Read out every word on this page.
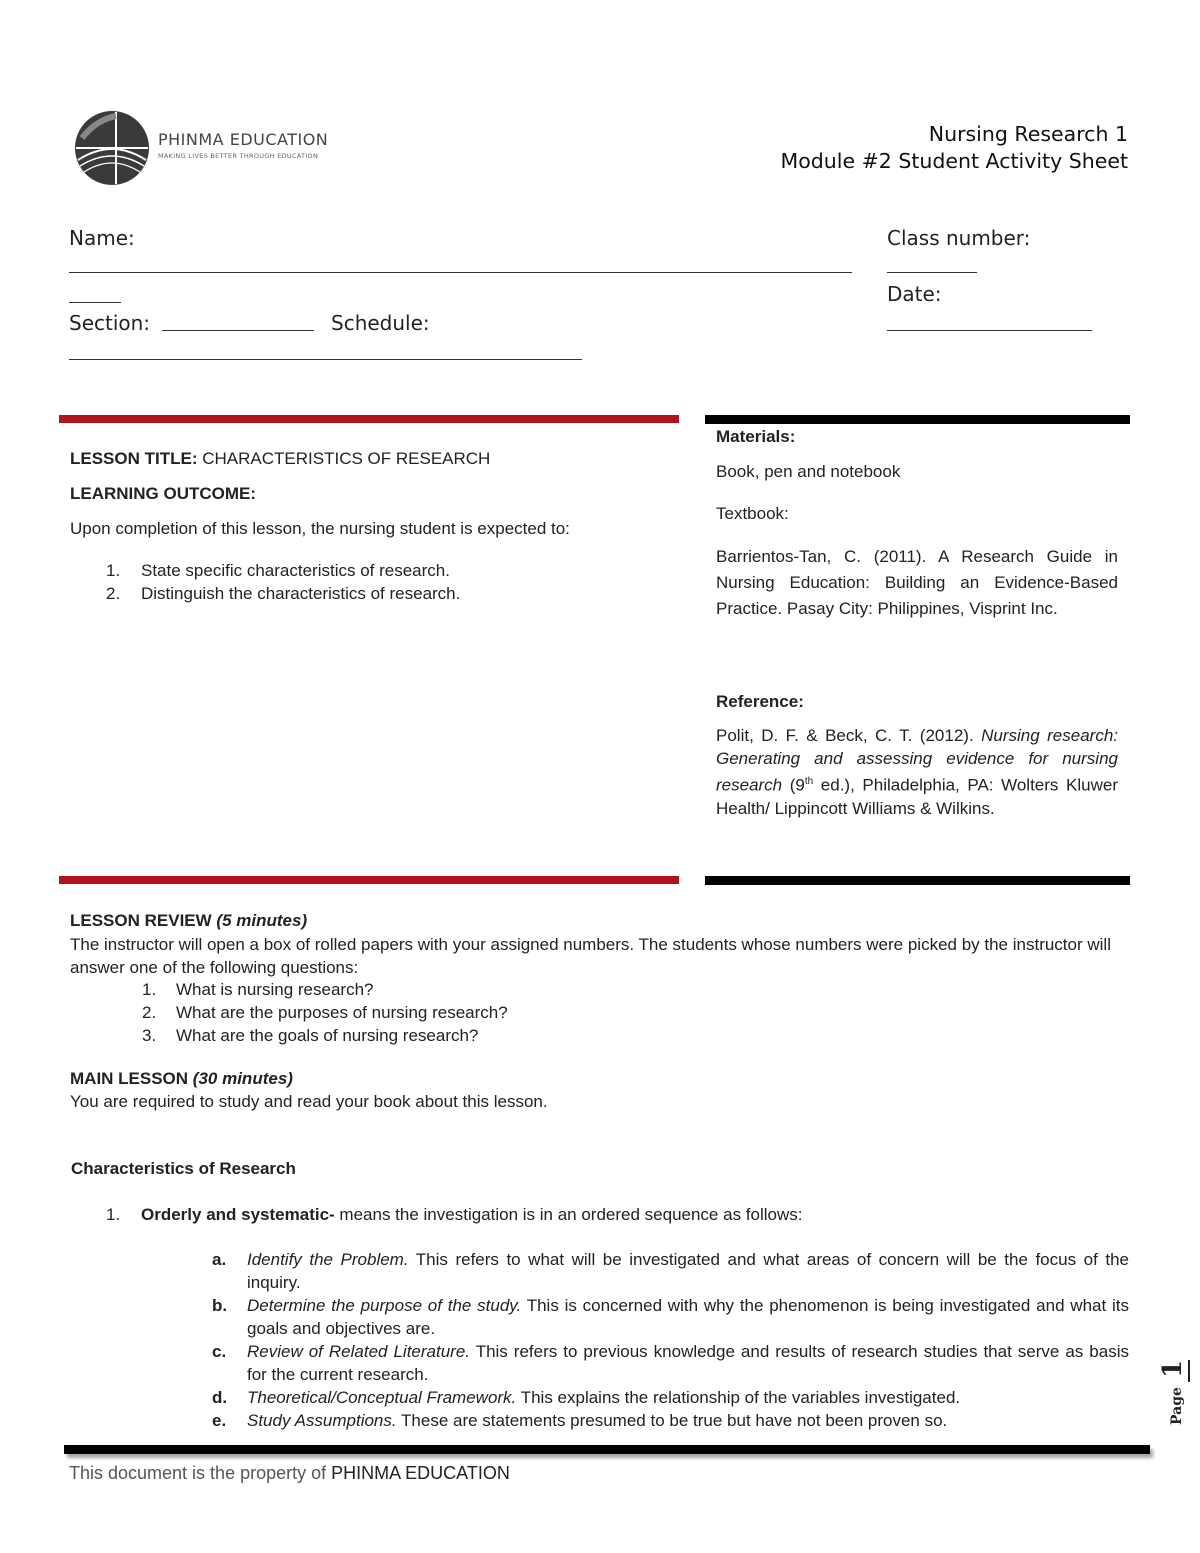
PHINMA EDUCATION
MAKING LIVES BETTER THROUGH EDUCATION
Nursing Research 1
Module #2 Student Activity Sheet
Name:	Class number:
Date:
Section:	Schedule:
LESSON TITLE: CHARACTERISTICS OF RESEARCH
LEARNING OUTCOME:
Upon completion of this lesson, the nursing student is expected to:
1. State specific characteristics of research.
2. Distinguish the characteristics of research.
Materials:
Book, pen and notebook
Textbook:
Barrientos-Tan, C. (2011). A Research Guide in Nursing Education: Building an Evidence-Based Practice. Pasay City: Philippines, Visprint Inc.
Reference:
Polit, D. F. & Beck, C. T. (2012). Nursing research: Generating and assessing evidence for nursing research (9th ed.), Philadelphia, PA: Wolters Kluwer Health/ Lippincott Williams & Wilkins.
LESSON REVIEW (5 minutes)
The instructor will open a box of rolled papers with your assigned numbers. The students whose numbers were picked by the instructor will answer one of the following questions:
1. What is nursing research?
2. What are the purposes of nursing research?
3. What are the goals of nursing research?
MAIN LESSON (30 minutes)
You are required to study and read your book about this lesson.
Characteristics of Research
1. Orderly and systematic- means the investigation is in an ordered sequence as follows:
a. Identify the Problem. This refers to what will be investigated and what areas of concern will be the focus of the inquiry.
b. Determine the purpose of the study. This is concerned with why the phenomenon is being investigated and what its goals and objectives are.
c. Review of Related Literature. This refers to previous knowledge and results of research studies that serve as basis for the current research.
d. Theoretical/Conceptual Framework. This explains the relationship of the variables investigated.
e. Study Assumptions. These are statements presumed to be true but have not been proven so.	Page 1
This document is the property of PHINMA EDUCATION
